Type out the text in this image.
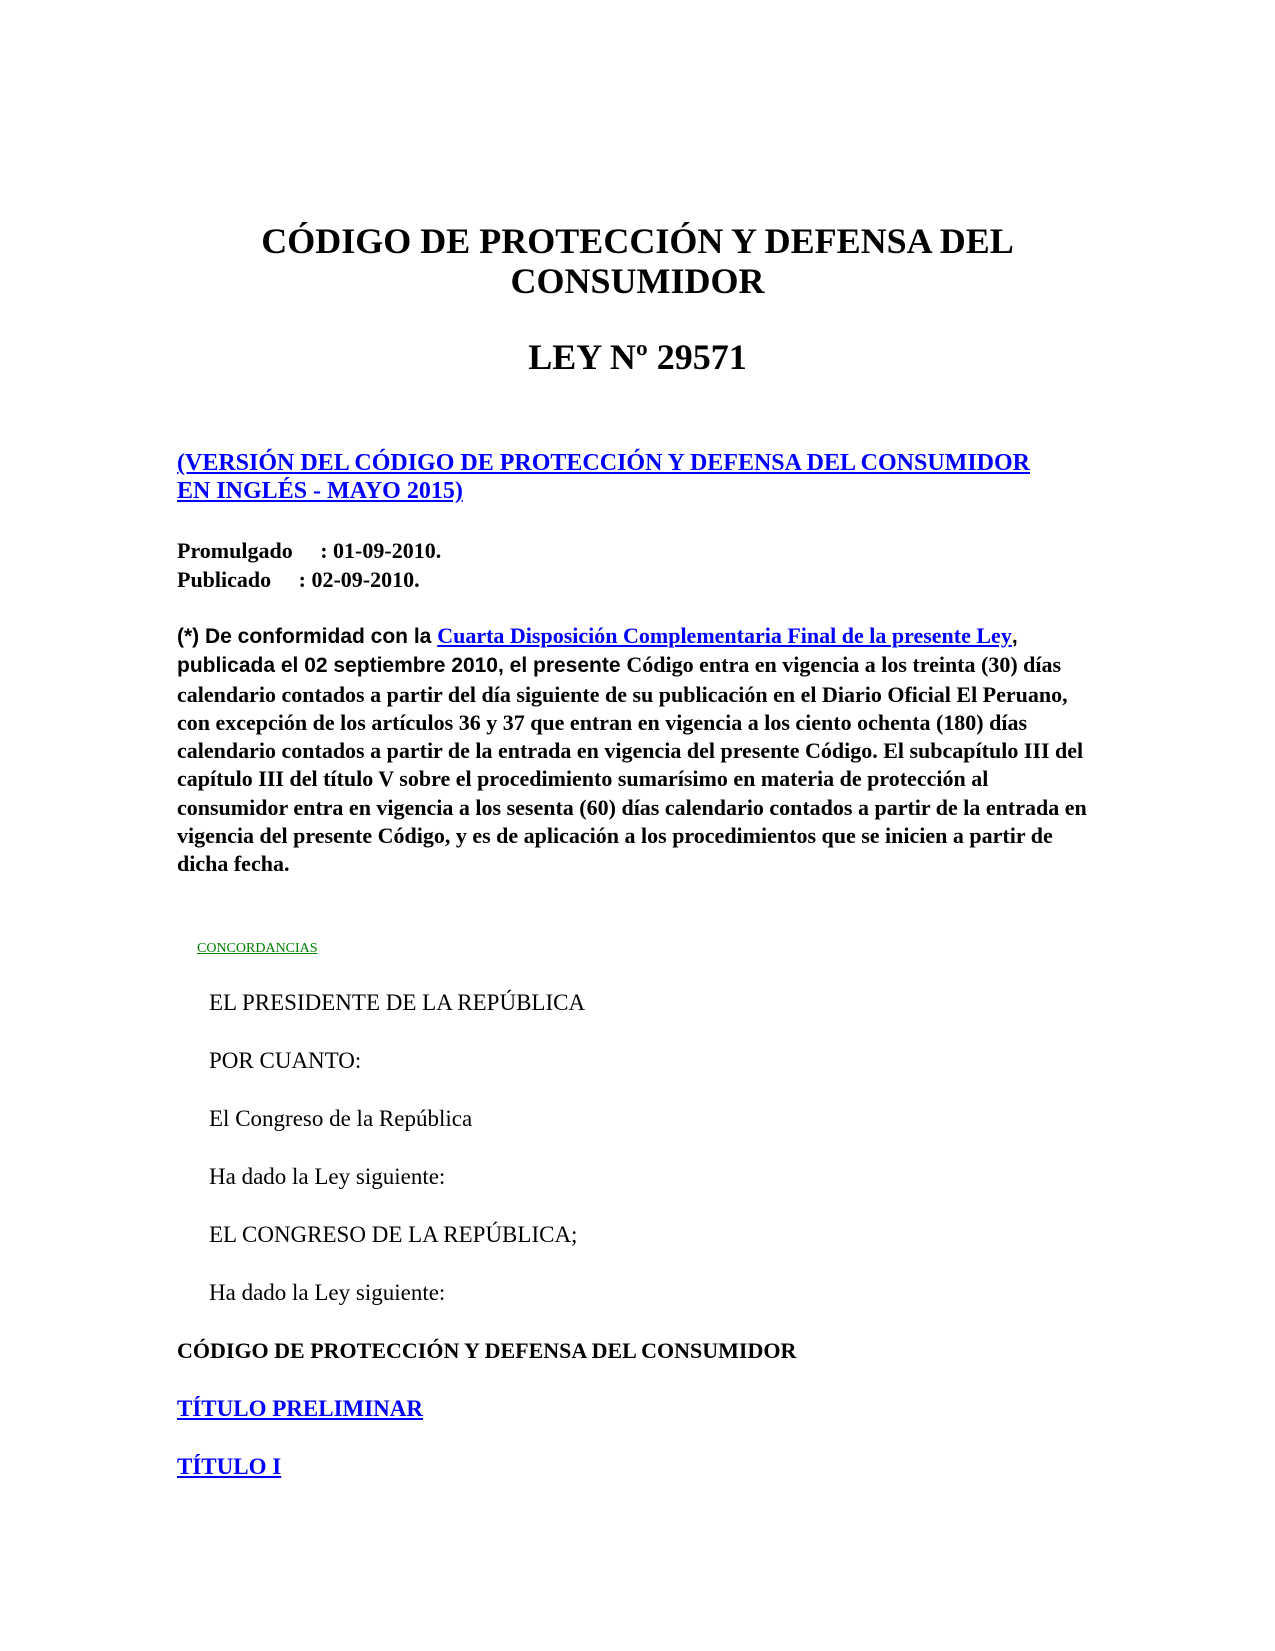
CÓDIGO DE PROTECCIÓN Y DEFENSA DEL
CONSUMIDOR
LEY Nº 29571
(VERSIÓN DEL CÓDIGO DE PROTECCIÓN Y DEFENSA DEL CONSUMIDOR
EN INGLÉS - MAYO 2015)
Promulgado     : 01-09-2010.
Publicado     : 02-09-2010.

(*) De conformidad con la Cuarta Disposición Complementaria Final de la presente Ley, publicada el 02 septiembre 2010, el presente Código entra en vigencia a los treinta (30) días calendario contados a partir del día siguiente de su publicación en el Diario Oficial El Peruano, con excepción de los artículos 36 y 37 que entran en vigencia a los ciento ochenta (180) días calendario contados a partir de la entrada en vigencia del presente Código. El subcapítulo III del capítulo III del título V sobre el procedimiento sumarísimo en materia de protección al consumidor entra en vigencia a los sesenta (60) días calendario contados a partir de la entrada en vigencia del presente Código, y es de aplicación a los procedimientos que se inicien a partir de dicha fecha.

CONCORDANCIAS

EL PRESIDENTE DE LA REPÚBLICA

POR CUANTO:

El Congreso de la República

Ha dado la Ley siguiente:

EL CONGRESO DE LA REPÚBLICA;

Ha dado la Ley siguiente:

CÓDIGO DE PROTECCIÓN Y DEFENSA DEL CONSUMIDOR
TÍTULO PRELIMINAR
TÍTULO I
